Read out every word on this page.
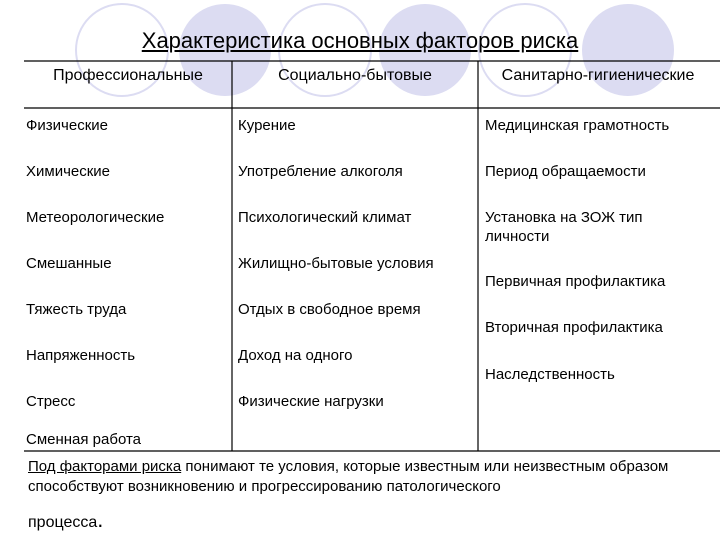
Характеристика основных факторов риска
Профессиональные	Социально-бытовые	Санитарно-гигиенические
Физические
Химические
Метеорологические
Смешанные
Тяжесть труда
Напряженность
Стресс
Сменная работа
Курение
Употребление алкоголя
Психологический климат
Жилищно-бытовые условия
Отдых в свободное время
Доход на одного
Физические нагрузки
Медицинская грамотность
Период обращаемости
Установка на ЗОЖ тип личности
Первичная профилактика
Вторичная профилактика
Наследственность
Под факторами риска понимают те условия, которые известным или неизвестным образом способствуют возникновению и прогрессированию патологического
процесса.
